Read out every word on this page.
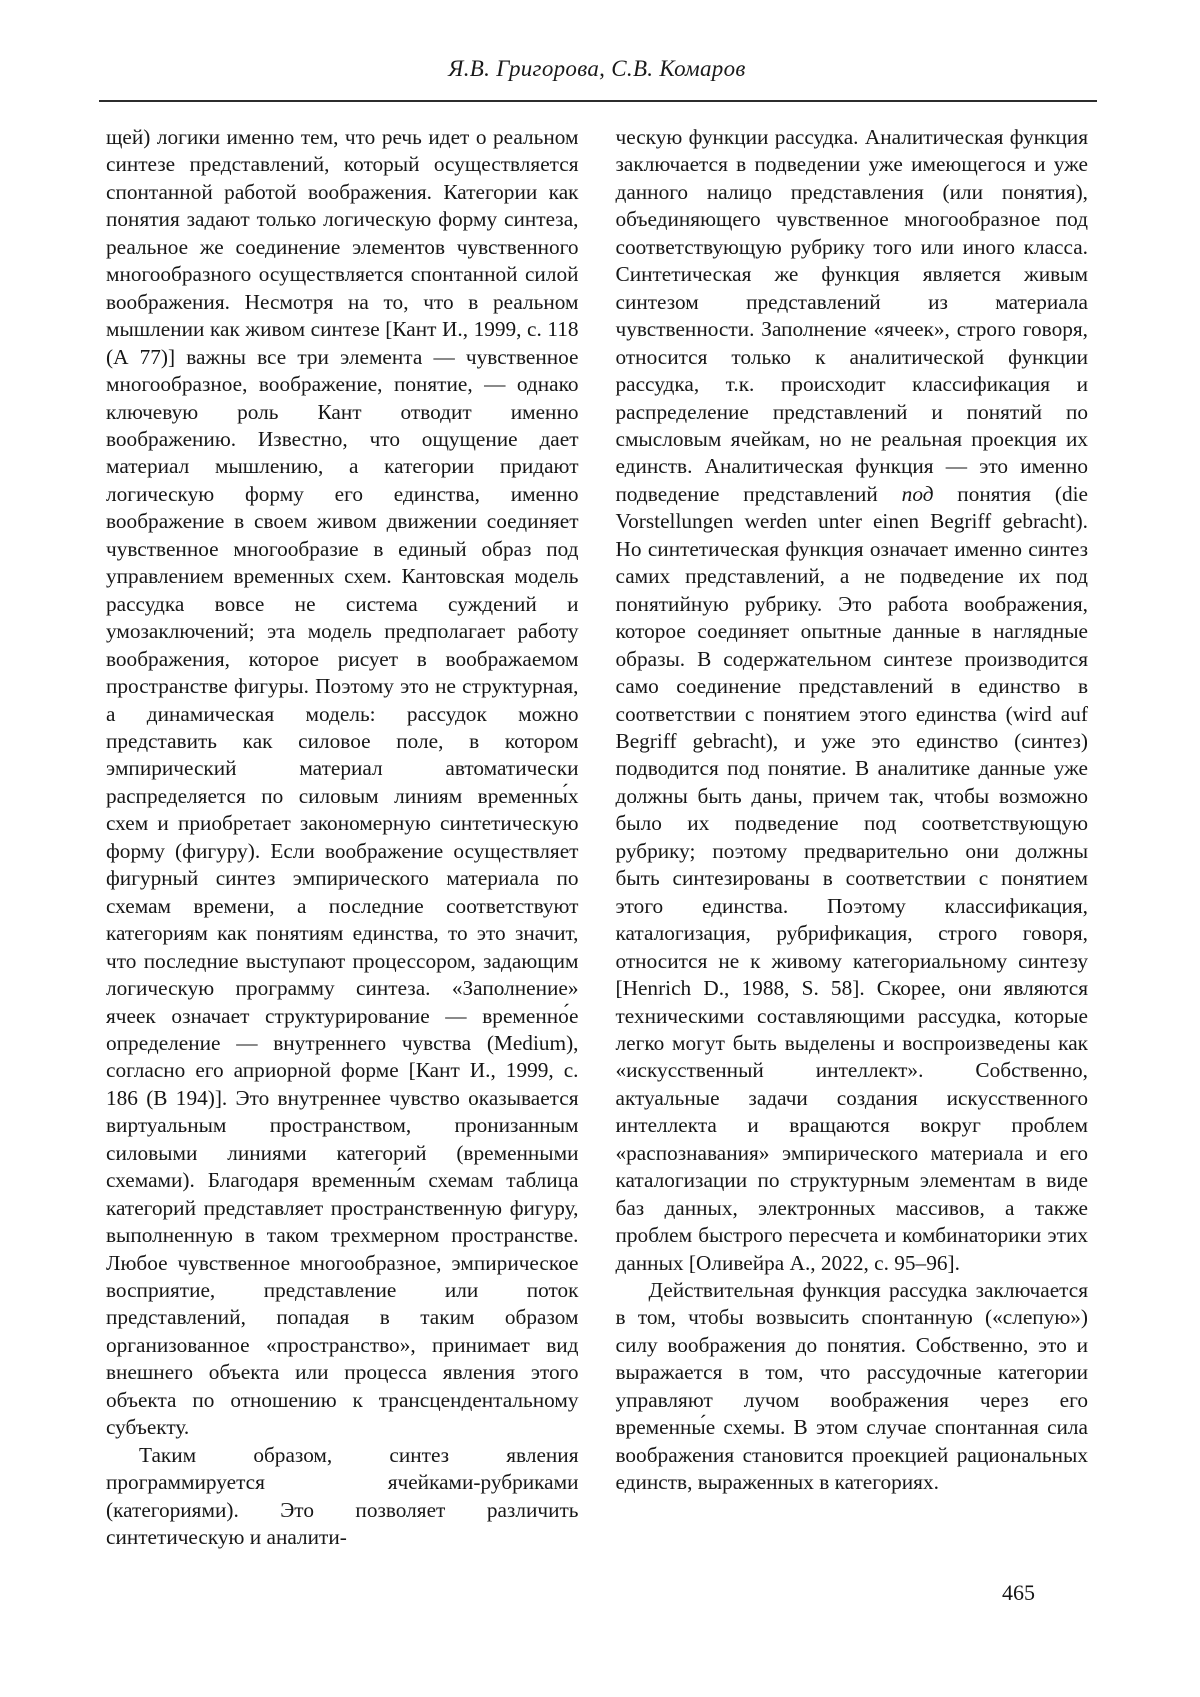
Я.В. Григорова, С.В. Комаров

щей) логики именно тем, что речь идет о реальном синтезе представлений, который осуществляется спонтанной работой воображения. Категории как понятия задают только логическую форму синтеза, реальное же соединение элементов чувственного многообразного осуществляется спонтанной силой воображения. Несмотря на то, что в реальном мышлении как живом синтезе [Кант И., 1999, с. 118 (А 77)] важны все три элемента — чувственное многообразное, воображение, понятие, — однако ключевую роль Кант отводит именно воображению. Известно, что ощущение дает материал мышлению, а категории придают логическую форму его единства, именно воображение в своем живом движении соединяет чувственное многообразие в единый образ под управлением временных схем. Кантовская модель рассудка вовсе не система суждений и умозаключений; эта модель предполагает работу воображения, которое рисует в воображаемом пространстве фигуры. Поэтому это не структурная, а динамическая модель: рассудок можно представить как силовое поле, в котором эмпирический материал автоматически распределяется по силовым линиям временны́х схем и приобретает закономерную синтетическую форму (фигуру). Если воображение осуществляет фигурный синтез эмпирического материала по схемам времени, а последние соответствуют категориям как понятиям единства, то это значит, что последние выступают процессором, задающим логическую программу синтеза. «Заполнение» ячеек означает структурирование — временно́е определение — внутреннего чувства (Medium), согласно его априорной форме [Кант И., 1999, с. 186 (В 194)]. Это внутреннее чувство оказывается виртуальным пространством, пронизанным силовыми линиями категорий (временными схемами). Благодаря временны́м схемам таблица категорий представляет пространственную фигуру, выполненную в таком трехмерном пространстве. Любое чувственное многообразное, эмпирическое восприятие, представление или поток представлений, попадая в таким образом организованное «пространство», принимает вид внешнего объекта или процесса явления этого объекта по отношению к трансцендентальному субъекту.

Таким образом, синтез явления программируется ячейками-рубриками (категориями). Это позволяет различить синтетическую и аналити-

ческую функции рассудка. Аналитическая функция заключается в подведении уже имеющегося и уже данного налицо представления (или понятия), объединяющего чувственное многообразное под соответствующую рубрику того или иного класса. Синтетическая же функция является живым синтезом представлений из материала чувственности. Заполнение «ячеек», строго говоря, относится только к аналитической функции рассудка, т.к. происходит классификация и распределение представлений и понятий по смысловым ячейкам, но не реальная проекция их единств. Аналитическая функция — это именно подведение представлений под понятия (die Vorstellungen werden unter einen Begriff gebracht). Но синтетическая функция означает именно синтез самих представлений, а не подведение их под понятийную рубрику. Это работа воображения, которое соединяет опытные данные в наглядные образы. В содержательном синтезе производится само соединение представлений в единство в соответствии с понятием этого единства (wird auf Begriff gebracht), и уже это единство (синтез) подводится под понятие. В аналитике данные уже должны быть даны, причем так, чтобы возможно было их подведение под соответствующую рубрику; поэтому предварительно они должны быть синтезированы в соответствии с понятием этого единства. Поэтому классификация, каталогизация, рубрификация, строго говоря, относится не к живому категориальному синтезу [Henrich D., 1988, S. 58]. Скорее, они являются техническими составляющими рассудка, которые легко могут быть выделены и воспроизведены как «искусственный интеллект». Собственно, актуальные задачи создания искусственного интеллекта и вращаются вокруг проблем «распознавания» эмпирического материала и его каталогизации по структурным элементам в виде баз данных, электронных массивов, а также проблем быстрого пересчета и комбинаторики этих данных [Оливейра А., 2022, с. 95–96].

Действительная функция рассудка заключается в том, чтобы возвысить спонтанную («слепую») силу воображения до понятия. Собственно, это и выражается в том, что рассудочные категории управляют лучом воображения через его временны́е схемы. В этом случае спонтанная сила воображения становится проекцией рациональных единств, выраженных в категориях.

465
